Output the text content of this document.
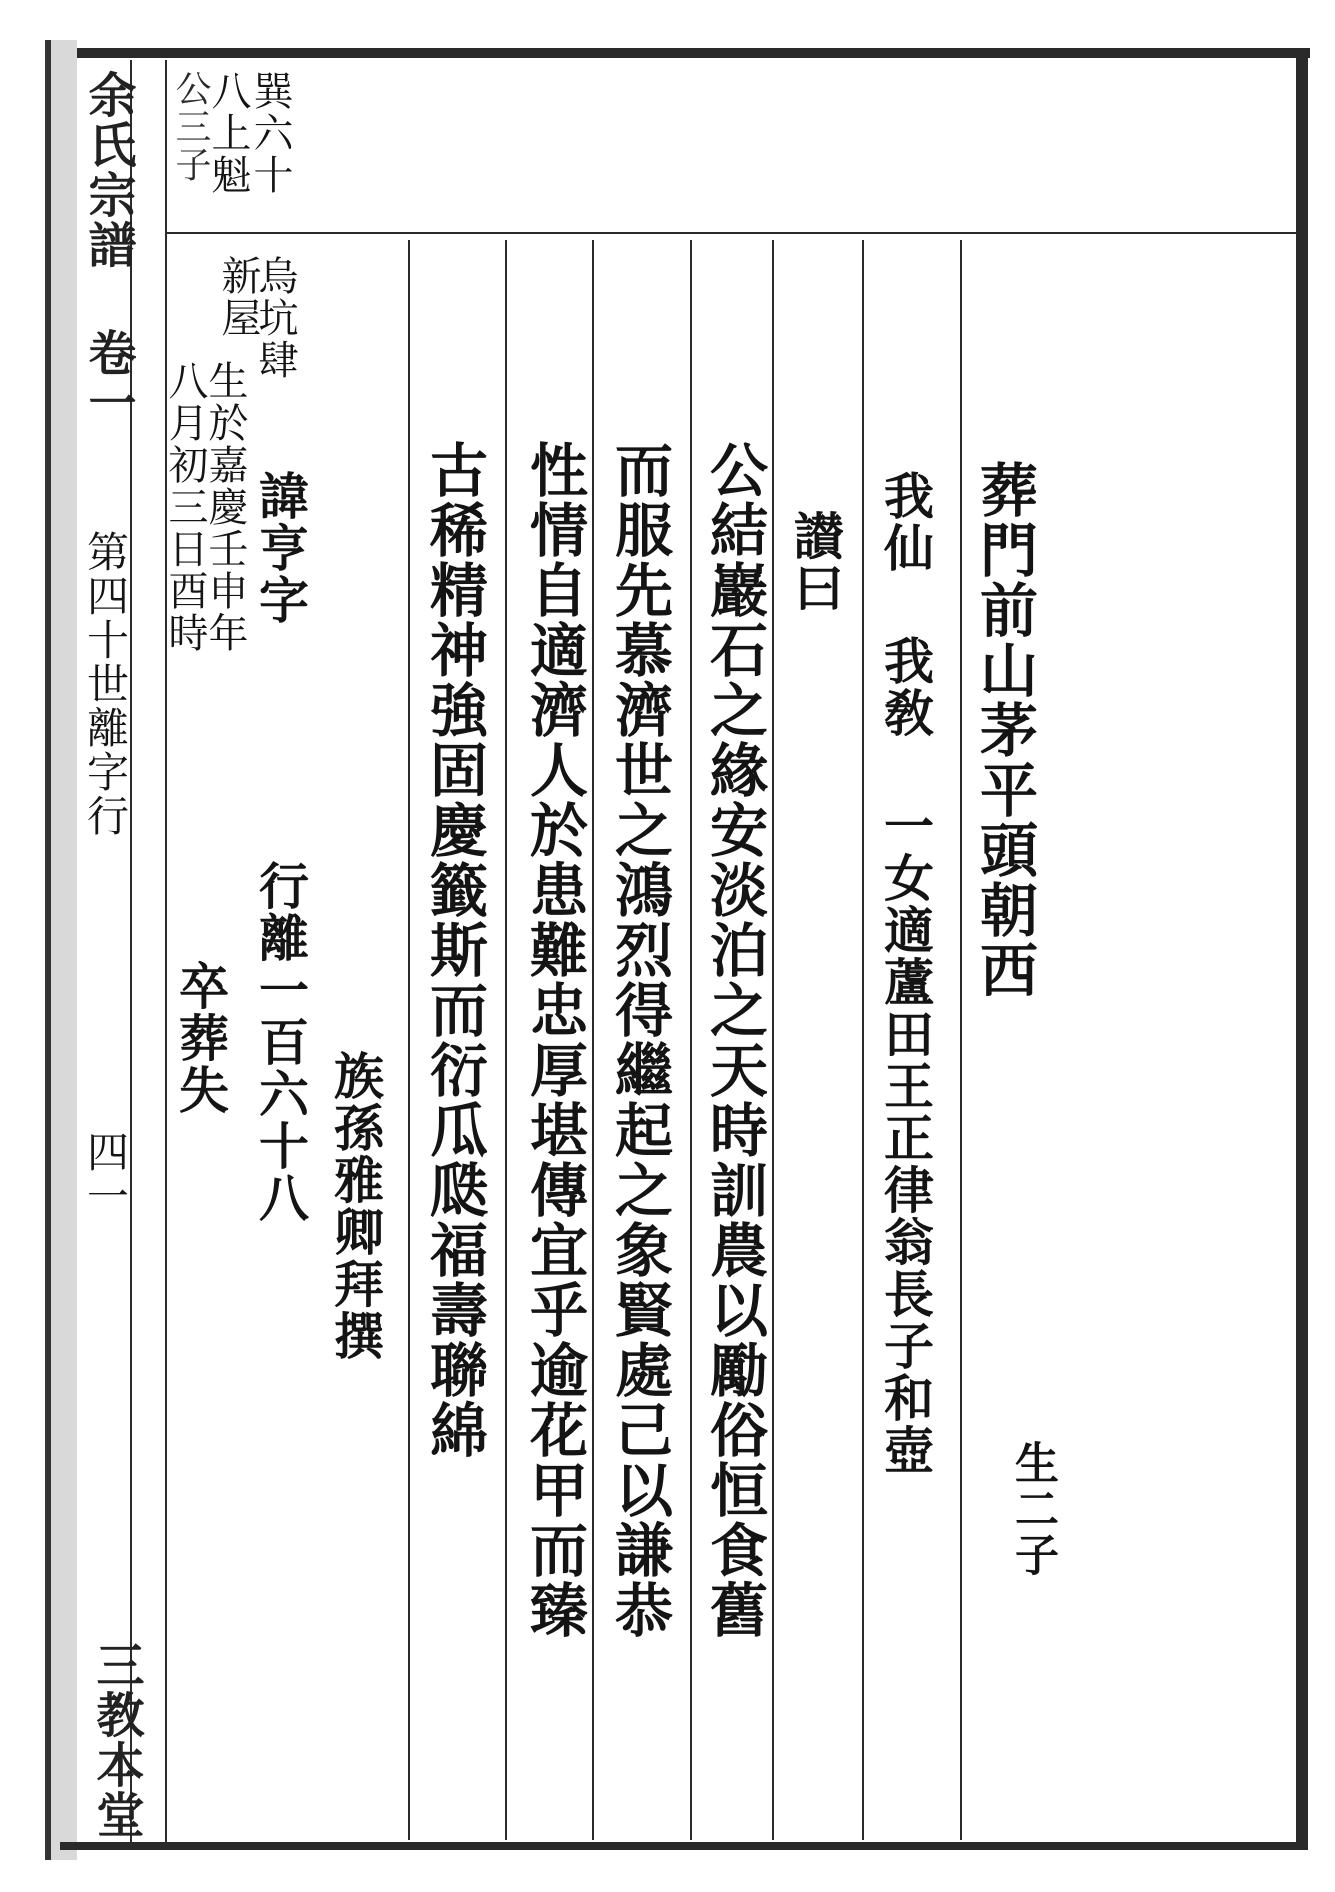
余氏宗譜 卷一
第四十世離字行
四一
三教本堂
巽六十
八上魁
公三子
烏坑肆
新屋
諱亨字
行離一百六十八
生於嘉慶壬申年
八月初三日酉時
卒葬失
族孫雅卿拜撰
葬門前山茅平頭朝西
生二子
我仙 我敎 一女適蘆田王正律翁長子和壺
讃曰
公結巖石之緣安淡泊之天時訓農以勵俗恒食舊
而服先慕濟世之鴻烈得繼起之象賢處己以謙恭
性情自適濟人於患難忠厚堪傳宜乎逾花甲而臻
古稀精神強固慶籤斯而衍瓜瓞福壽聯綿
